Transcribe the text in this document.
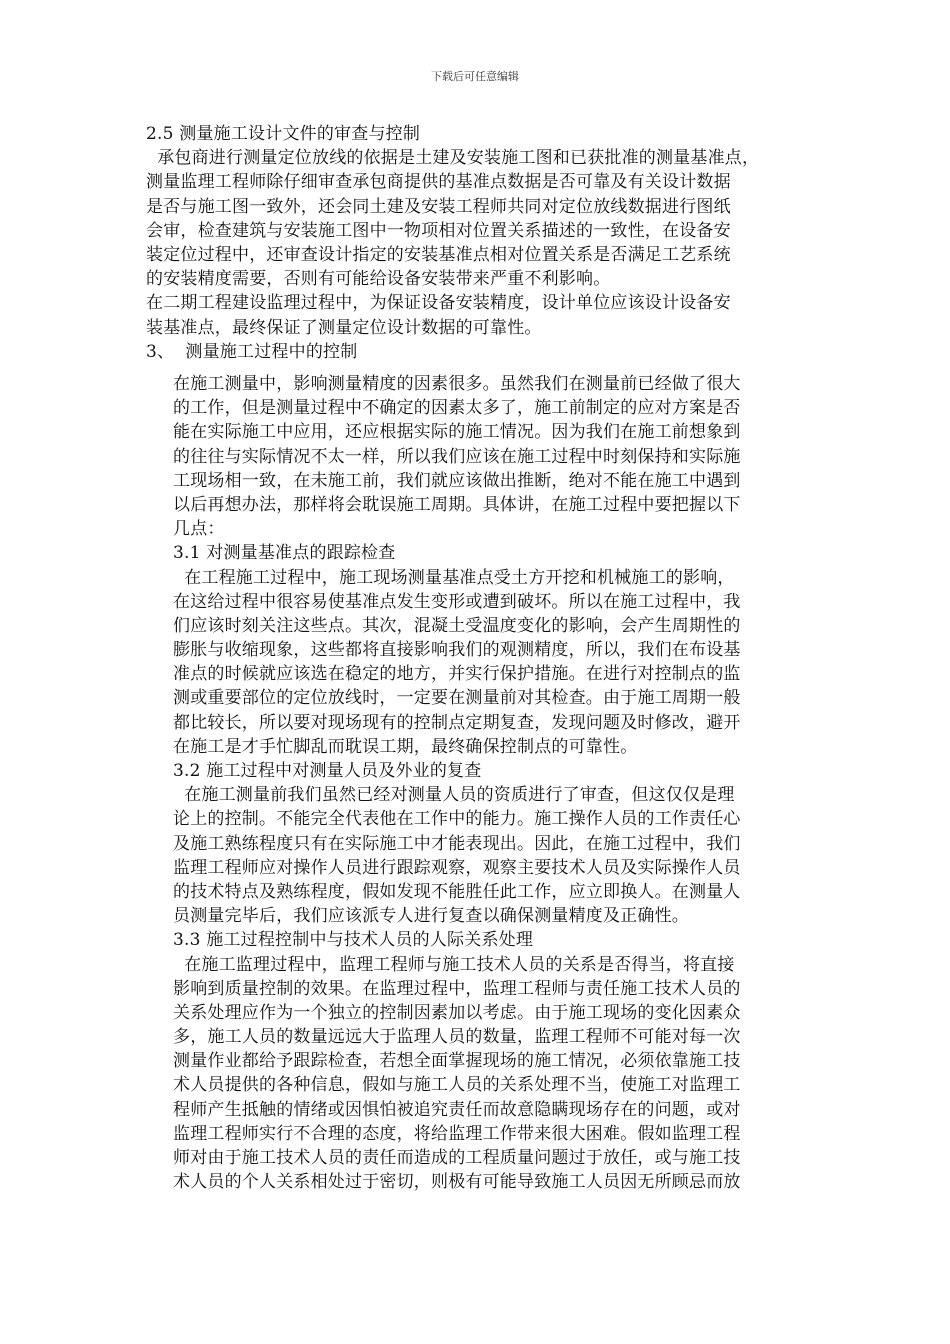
下载后可任意编辑
2.5 测量施工设计文件的审查与控制
承包商进行测量定位放线的依据是土建及安装施工图和已获批准的测量基准点，
测量监理工程师除仔细审查承包商提供的基准点数据是否可靠及有关设计数据
是否与施工图一致外，还会同土建及安装工程师共同对定位放线数据进行图纸
会审，检查建筑与安装施工图中一物项相对位置关系描述的一致性，在设备安
装定位过程中，还审查设计指定的安装基准点相对位置关系是否满足工艺系统
的安装精度需要，否则有可能给设备安装带来严重不利影响。
在二期工程建设监理过程中，为保证设备安装精度，设计单位应该设计设备安
装基准点，最终保证了测量定位设计数据的可靠性。
3、  测量施工过程中的控制
在施工测量中，影响测量精度的因素很多。虽然我们在测量前已经做了很大
的工作，但是测量过程中不确定的因素太多了，施工前制定的应对方案是否
能在实际施工中应用，还应根据实际的施工情况。因为我们在施工前想象到
的往往与实际情况不太一样，所以我们应该在施工过程中时刻保持和实际施
工现场相一致，在未施工前，我们就应该做出推断，绝对不能在施工中遇到
以后再想办法，那样将会耽误施工周期。具体讲，在施工过程中要把握以下
几点：
3.1 对测量基准点的跟踪检查
在工程施工过程中，施工现场测量基准点受土方开挖和机械施工的影响，
在这给过程中很容易使基准点发生变形或遭到破坏。所以在施工过程中，我
们应该时刻关注这些点。其次，混凝土受温度变化的影响，会产生周期性的
膨胀与收缩现象，这些都将直接影响我们的观测精度，所以，我们在布设基
准点的时候就应该选在稳定的地方，并实行保护措施。在进行对控制点的监
测或重要部位的定位放线时，一定要在测量前对其检查。由于施工周期一般
都比较长，所以要对现场现有的控制点定期复查，发现问题及时修改，避开
在施工是才手忙脚乱而耽误工期，最终确保控制点的可靠性。
3.2 施工过程中对测量人员及外业的复查
在施工测量前我们虽然已经对测量人员的资质进行了审查，但这仅仅是理
论上的控制。不能完全代表他在工作中的能力。施工操作人员的工作责任心
及施工熟练程度只有在实际施工中才能表现出。因此，在施工过程中，我们
监理工程师应对操作人员进行跟踪观察，观察主要技术人员及实际操作人员
的技术特点及熟练程度，假如发现不能胜任此工作，应立即换人。在测量人
员测量完毕后，我们应该派专人进行复查以确保测量精度及正确性。
3.3 施工过程控制中与技术人员的人际关系处理
在施工监理过程中，监理工程师与施工技术人员的关系是否得当，将直接
影响到质量控制的效果。在监理过程中，监理工程师与责任施工技术人员的
关系处理应作为一个独立的控制因素加以考虑。由于施工现场的变化因素众
多，施工人员的数量远远大于监理人员的数量，监理工程师不可能对每一次
测量作业都给予跟踪检查，若想全面掌握现场的施工情况，必须依靠施工技
术人员提供的各种信息，假如与施工人员的关系处理不当，使施工对监理工
程师产生抵触的情绪或因惧怕被追究责任而故意隐瞒现场存在的问题，或对
监理工程师实行不合理的态度，将给监理工作带来很大困难。假如监理工程
师对由于施工技术人员的责任而造成的工程质量问题过于放任，或与施工技
术人员的个人关系相处过于密切，则极有可能导致施工人员因无所顾忌而放
